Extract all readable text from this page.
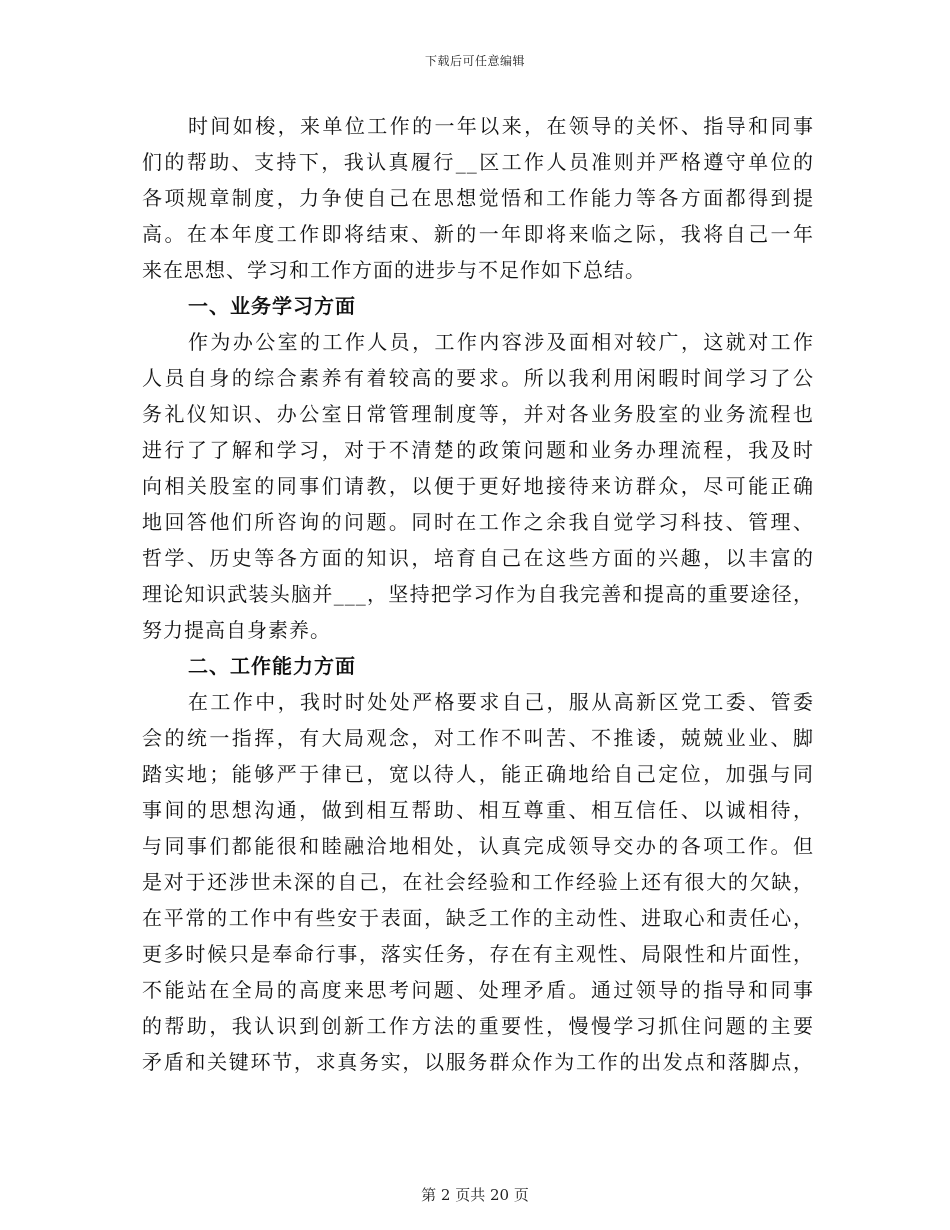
下载后可任意编辑
时间如梭，来单位工作的一年以来，在领导的关怀、指导和同事
们的帮助、支持下，我认真履行__区工作人员准则并严格遵守单位的
各项规章制度，力争使自己在思想觉悟和工作能力等各方面都得到提
高。在本年度工作即将结束、新的一年即将来临之际，我将自己一年
来在思想、学习和工作方面的进步与不足作如下总结。
一、业务学习方面
作为办公室的工作人员，工作内容涉及面相对较广，这就对工作
人员自身的综合素养有着较高的要求。所以我利用闲暇时间学习了公
务礼仪知识、办公室日常管理制度等，并对各业务股室的业务流程也
进行了了解和学习，对于不清楚的政策问题和业务办理流程，我及时
向相关股室的同事们请教，以便于更好地接待来访群众，尽可能正确
地回答他们所咨询的问题。同时在工作之余我自觉学习科技、管理、
哲学、历史等各方面的知识，培育自己在这些方面的兴趣，以丰富的
理论知识武装头脑并___，坚持把学习作为自我完善和提高的重要途径，
努力提高自身素养。
二、工作能力方面
在工作中，我时时处处严格要求自己，服从高新区党工委、管委
会的统一指挥，有大局观念，对工作不叫苦、不推诿，兢兢业业、脚
踏实地；能够严于律已，宽以待人，能正确地给自己定位，加强与同
事间的思想沟通，做到相互帮助、相互尊重、相互信任、以诚相待，
与同事们都能很和睦融洽地相处，认真完成领导交办的各项工作。但
是对于还涉世未深的自己，在社会经验和工作经验上还有很大的欠缺，
在平常的工作中有些安于表面，缺乏工作的主动性、进取心和责任心，
更多时候只是奉命行事，落实任务，存在有主观性、局限性和片面性，
不能站在全局的高度来思考问题、处理矛盾。通过领导的指导和同事
的帮助，我认识到创新工作方法的重要性，慢慢学习抓住问题的主要
矛盾和关键环节，求真务实，以服务群众作为工作的出发点和落脚点，
第 2 页共 20 页
